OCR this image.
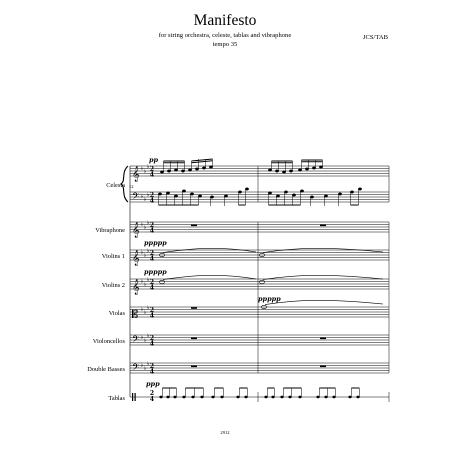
Manifesto
for string orchestra, celeste, tablas and vibraphone
tempo 35
JCS/TAB
Celesta
Vibraphone
Violins 1
Violins 2
Violas
Violoncellos
Double Basses
Tablas
𝄞
𝄢
𝄞
𝄞
𝄞
𝄡
𝄢
𝄢
♭ ♭
♭
♭ ♭
♭
♭ ♭
♭
♭ ♭
♭
♭ ♭
♭
♭ ♭
♭
♭ ♭
♭
♭ ♭
♭
2
4
2
4
2
4
2
4
2
4
2
4
2
4
2
4
2
4
12
pp
ppppp
ppppp
ppppp
ppp
2912
